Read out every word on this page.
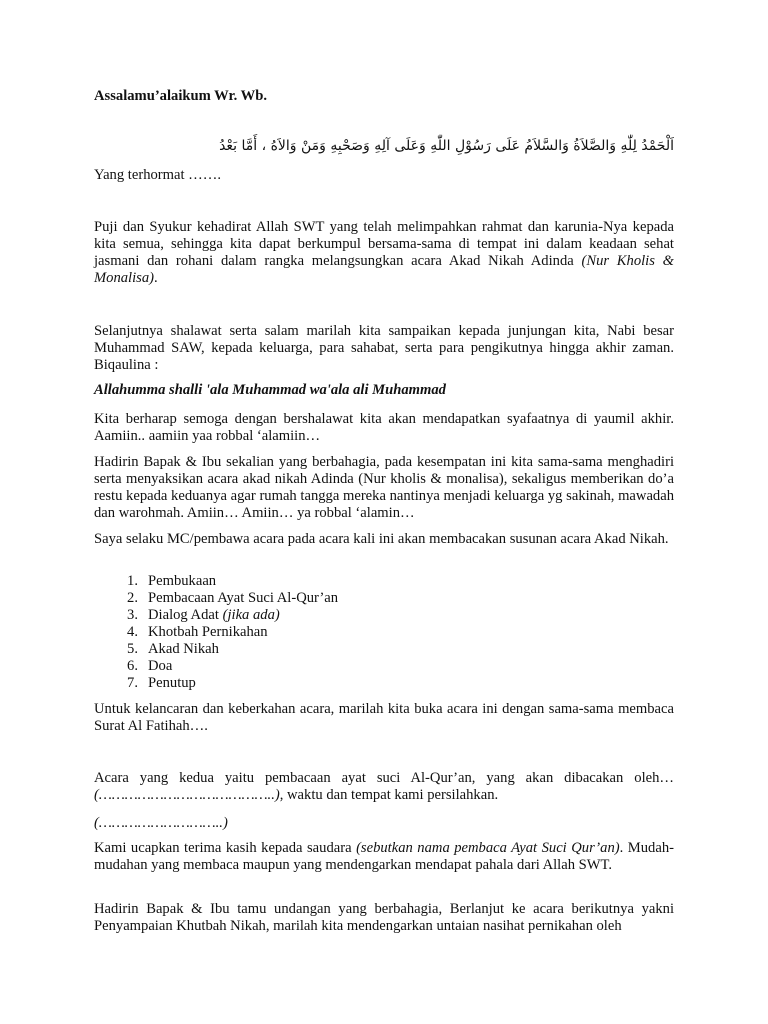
Assalamu’alaikum Wr. Wb.

اَلْحَمْدُ لِلّٰهِ وَالصَّلاَةُ وَالسَّلاَمُ عَلَى رَسُوْلِ اللّٰهِ وَعَلَى آلِهِ وَصَحْبِهِ وَمَنْ وَالاَهُ ، أَمَّا بَعْدُ

Yang terhormat …….

Puji dan Syukur kehadirat Allah SWT yang telah melimpahkan rahmat dan karunia-Nya kepada kita semua, sehingga kita dapat berkumpul bersama-sama di tempat ini dalam keadaan sehat jasmani dan rohani dalam rangka melangsungkan acara Akad Nikah Adinda (Nur Kholis & Monalisa).

Selanjutnya shalawat serta salam marilah kita sampaikan kepada junjungan kita, Nabi besar Muhammad SAW, kepada keluarga, para sahabat, serta para pengikutnya hingga akhir zaman. Biqaulina :

Allahumma shalli 'ala Muhammad wa'ala ali Muhammad

Kita berharap semoga dengan bershalawat kita akan mendapatkan syafaatnya di yaumil akhir. Aamiin.. aamiin yaa robbal ‘alamiin…

Hadirin Bapak & Ibu sekalian yang berbahagia, pada kesempatan ini kita sama-sama menghadiri serta menyaksikan acara akad nikah Adinda (Nur kholis & monalisa), sekaligus memberikan do’a restu kepada keduanya agar rumah tangga mereka nantinya menjadi keluarga yg sakinah, mawadah dan warohmah. Amiin… Amiin… ya robbal ‘alamin…

Saya selaku MC/pembawa acara pada acara kali ini akan membacakan susunan acara Akad Nikah.

1. Pembukaan
2. Pembacaan Ayat Suci Al-Qur’an
3. Dialog Adat (jika ada)
4. Khotbah Pernikahan
5. Akad Nikah
6. Doa
7. Penutup

Untuk kelancaran dan keberkahan acara, marilah kita buka acara ini dengan sama-sama membaca Surat Al Fatihah….

Acara yang kedua yaitu pembacaan ayat suci Al-Qur’an, yang akan dibacakan oleh… (…………………………………..), waktu dan tempat kami persilahkan.

(………………………..)

Kami ucapkan terima kasih kepada saudara (sebutkan nama pembaca Ayat Suci Qur’an). Mudah-mudahan yang membaca maupun yang mendengarkan mendapat pahala dari Allah SWT.

Hadirin Bapak & Ibu tamu undangan yang berbahagia, Berlanjut ke acara berikutnya yakni Penyampaian Khutbah Nikah, marilah kita mendengarkan untaian nasihat pernikahan oleh
